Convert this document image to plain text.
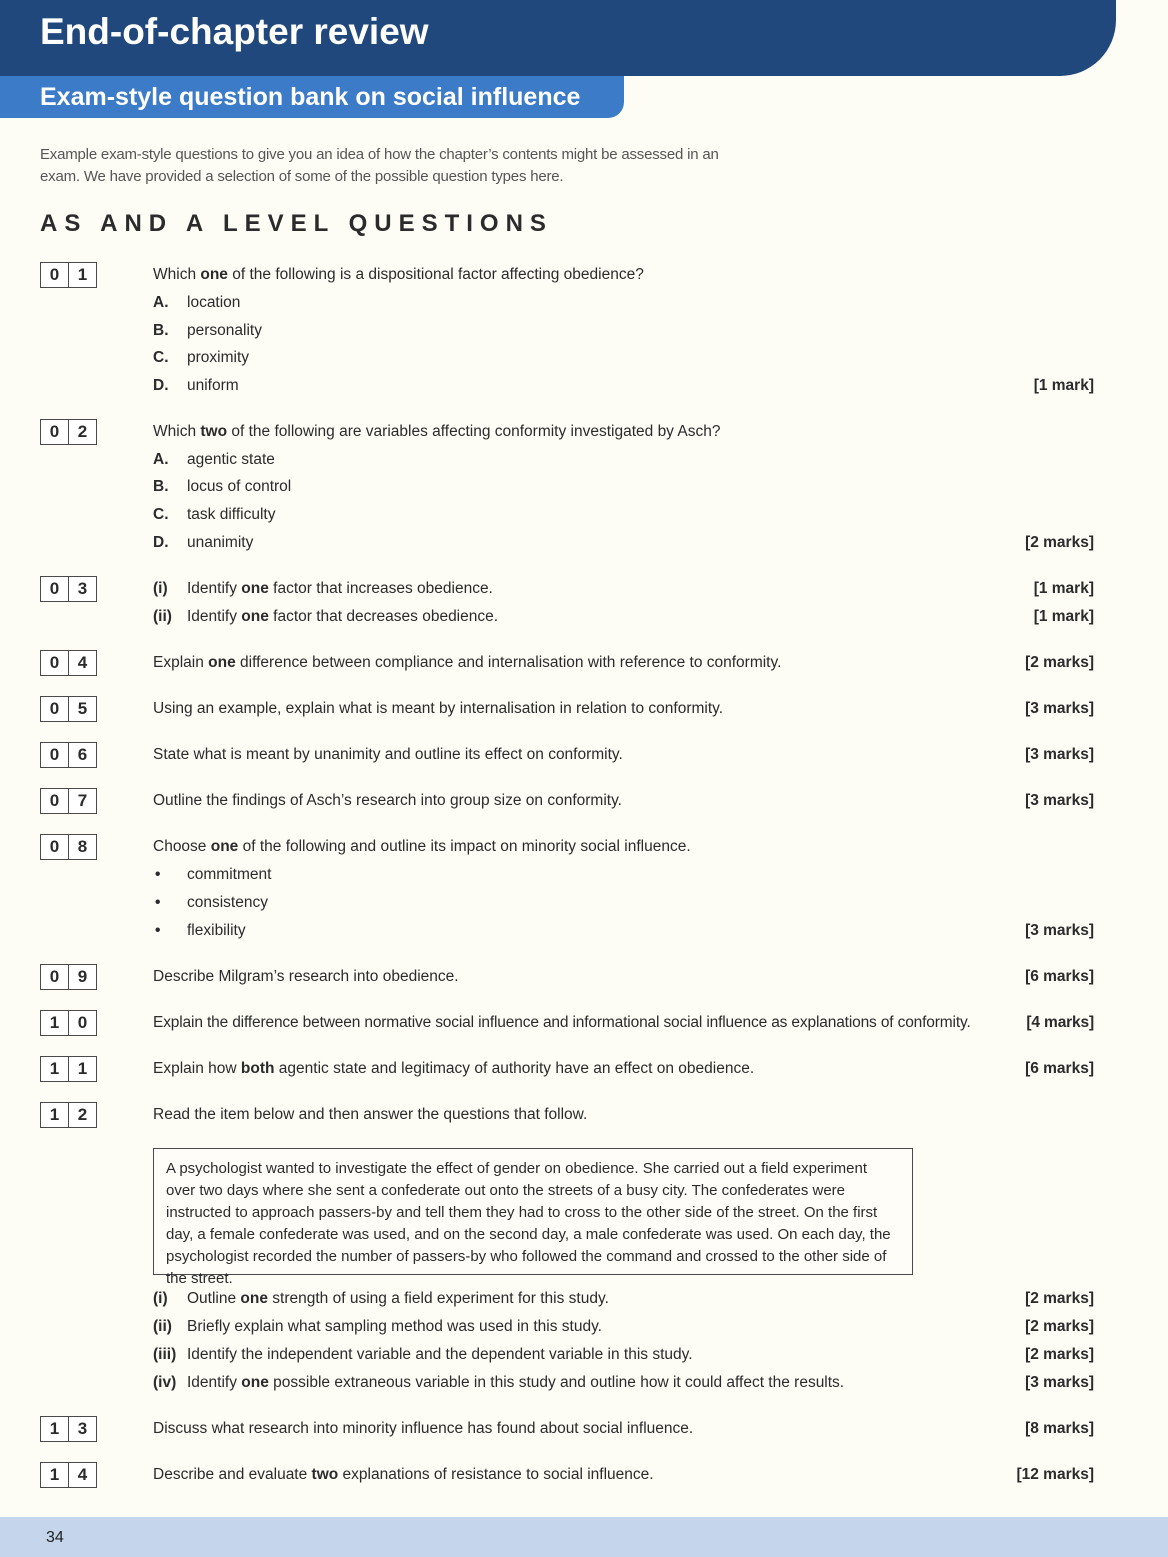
End-of-chapter review
Exam-style question bank on social influence

Example exam-style questions to give you an idea of how the chapter’s contents might be assessed in an exam. We have provided a selection of some of the possible question types here.

AS AND A LEVEL QUESTIONS
0	1	Which one of the following is a dispositional factor affecting obedience?
A. location
B. personality
C. proximity
D. uniform	[1 mark]
0	2	Which two of the following are variables affecting conformity investigated by Asch?
A. agentic state
B. locus of control
C. task difficulty
D. unanimity	[2 marks]
0	3	(i) Identify one factor that increases obedience.	[1 mark]
(ii) Identify one factor that decreases obedience.	[1 mark]
0	4	Explain one difference between compliance and internalisation with reference to conformity.	[2 marks]
0	5	Using an example, explain what is meant by internalisation in relation to conformity.	[3 marks]
0	6	State what is meant by unanimity and outline its effect on conformity.	[3 marks]
0	7	Outline the findings of Asch’s research into group size on conformity.	[3 marks]
0	8	Choose one of the following and outline its impact on minority social influence.
• commitment
• consistency
• flexibility	[3 marks]
0	9	Describe Milgram’s research into obedience.	[6 marks]
1	0	Explain the difference between normative social influence and informational social influence as explanations of conformity.	[4 marks]
1	1	Explain how both agentic state and legitimacy of authority have an effect on obedience.	[6 marks]
1	2	Read the item below and then answer the questions that follow.
A psychologist wanted to investigate the effect of gender on obedience. She carried out a field experiment over two days where she sent a confederate out onto the streets of a busy city. The confederates were instructed to approach passers-by and tell them they had to cross to the other side of the street. On the first day, a female confederate was used, and on the second day, a male confederate was used. On each day, the psychologist recorded the number of passers-by who followed the command and crossed to the other side of the street.
(i) Outline one strength of using a field experiment for this study.	[2 marks]
(ii) Briefly explain what sampling method was used in this study.	[2 marks]
(iii) Identify the independent variable and the dependent variable in this study.	[2 marks]
(iv) Identify one possible extraneous variable in this study and outline how it could affect the results.	[3 marks]
1	3	Discuss what research into minority influence has found about social influence.	[8 marks]
1	4	Describe and evaluate two explanations of resistance to social influence.	[12 marks]
34
